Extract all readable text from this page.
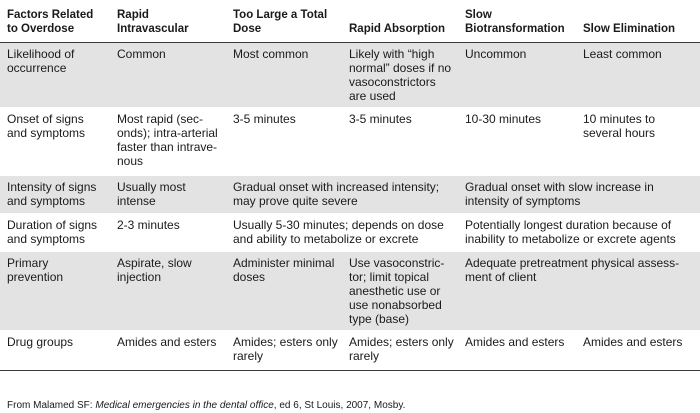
Factors Related to Overdose	Rapid Intravascular	Too Large a Total Dose	Rapid Absorption	Slow Biotransformation	Slow Elimination
Likelihood of occurrence	Common	Most common	Likely with “high normal” doses if no vasoconstrictors are used	Uncommon	Least common
Onset of signs and symptoms	Most rapid (sec-onds); intra-arterial faster than intrave-nous	3-5 minutes	3-5 minutes	10-30 minutes	10 minutes to several hours
Intensity of signs and symptoms	Usually most intense	Gradual onset with increased intensity; may prove quite severe		Gradual onset with slow increase in intensity of symptoms	
Duration of signs and symptoms	2-3 minutes	Usually 5-30 minutes; depends on dose and ability to metabolize or excrete		Potentially longest duration because of inability to metabolize or excrete agents	
Primary prevention	Aspirate, slow injection	Administer minimal doses	Use vasoconstric-tor; limit topical anesthetic use or use nonabsorbed type (base)	Adequate pretreatment physical assess-ment of client	
Drug groups	Amides and esters	Amides; esters only rarely	Amides; esters only rarely	Amides and esters	Amides and esters
From Malamed SF: Medical emergencies in the dental office, ed 6, St Louis, 2007, Mosby.
